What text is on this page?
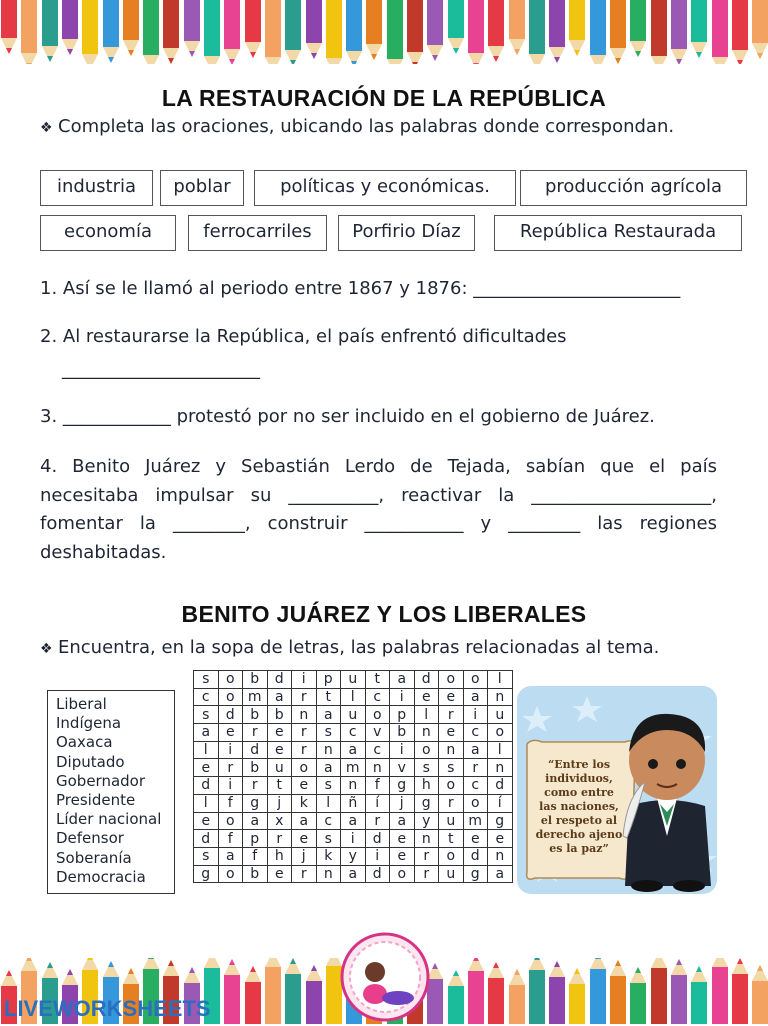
LA RESTAURACIÓN DE LA REPÚBLICA
❖ Completa las oraciones, ubicando las palabras donde correspondan.
industria	poblar	políticas y económicas.	producción agrícola
economía	ferrocarriles	Porfirio Díaz	República Restaurada
1. Así se le llamó al periodo entre 1867 y 1876: _______________________
2. Al restaurarse la República, el país enfrentó dificultades
______________________
3. ____________ protestó por no ser incluido en el gobierno de Juárez.
4. Benito Juárez y Sebastián Lerdo de Tejada, sabían que el país necesitaba impulsar su __________, reactivar la ____________________, fomentar la ________, construir ___________ y ________ las regiones deshabitadas.
BENITO JUÁREZ Y LOS LIBERALES
❖ Encuentra, en la sopa de letras, las palabras relacionadas al tema.
Liberal
Indígena
Oaxaca
Diputado
Gobernador
Presidente
Líder nacional
Defensor
Soberanía
Democracia
s	o	b	d	i	p	u	t	a	d	o	o	l
c	o	m	a	r	t	l	c	i	e	e	a	n
s	d	b	b	n	a	u	o	p	l	r	i	u
a	e	r	e	r	s	c	v	b	n	e	c	o
l	i	d	e	r	n	a	c	i	o	n	a	l
e	r	b	u	o	a	m	n	v	s	s	r	n
d	i	r	t	e	s	n	f	g	h	o	c	d
l	f	g	j	k	l	ñ	í	j	g	r	o	í
e	o	a	x	a	c	a	r	a	y	u	m	g
d	f	p	r	e	s	i	d	e	n	t	e	e
s	a	f	h	j	k	y	i	e	r	o	d	n
g	o	b	e	r	n	a	d	o	r	u	g	a
“Entre los
individuos,
como entre
las naciones,
el respeto al
derecho ajeno
es la paz”
LIVEWORKSHEETS
